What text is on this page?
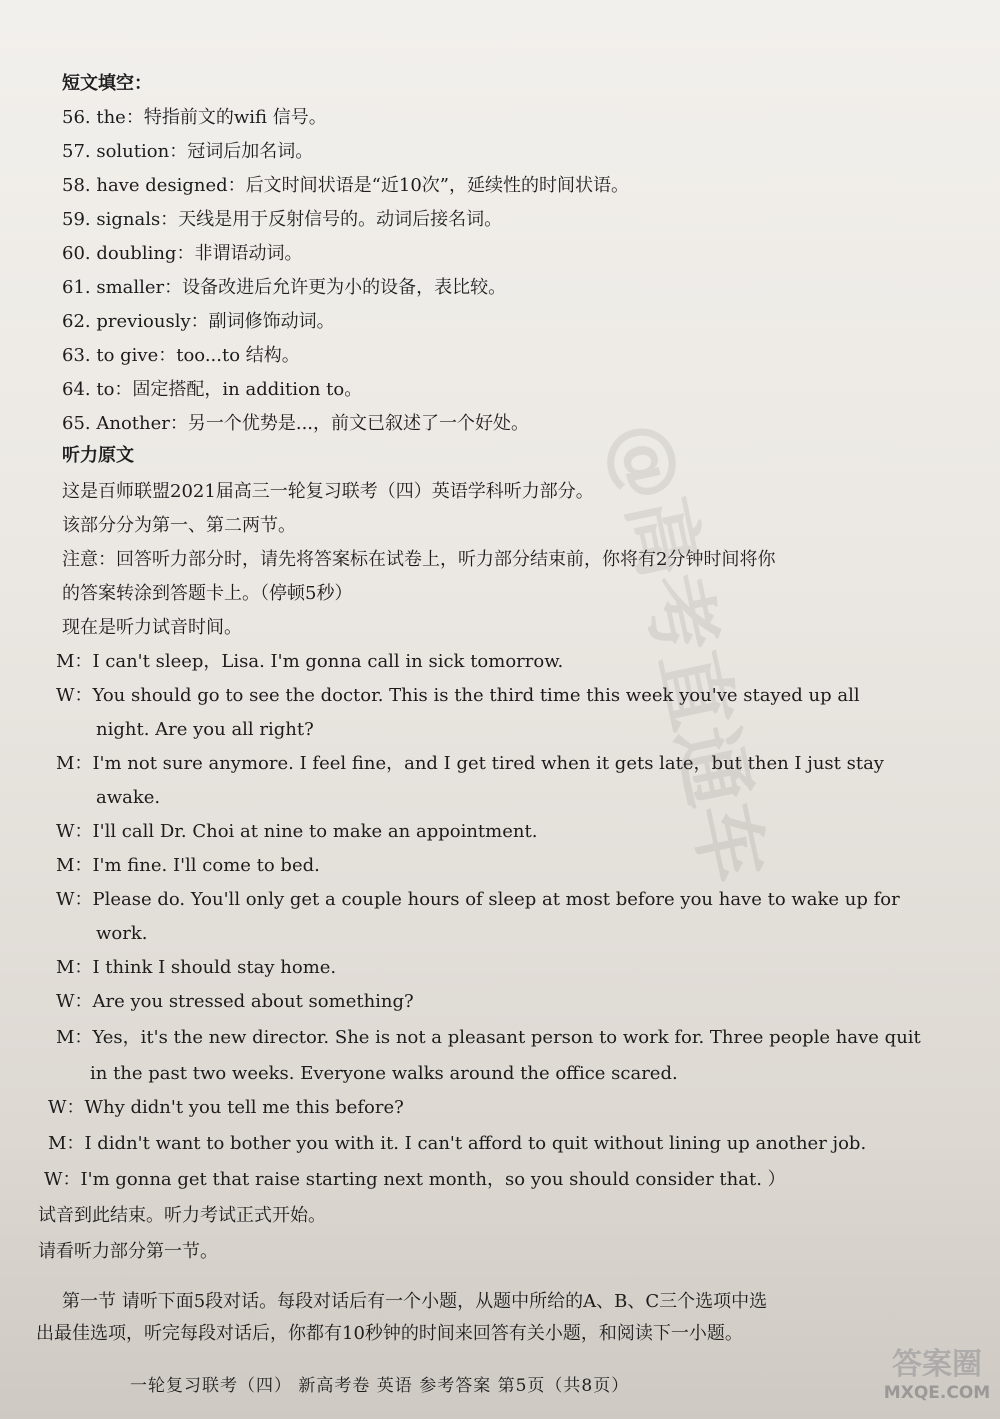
短文填空：
56. the：特指前文的wifi 信号。
57. solution：冠词后加名词。
58. have designed：后文时间状语是“近10次”，延续性的时间状语。
59. signals：天线是用于反射信号的。动词后接名词。
60. doubling：非谓语动词。
61. smaller：设备改进后允许更为小的设备，表比较。
62. previously：副词修饰动词。
63. to give：too...to 结构。
64. to：固定搭配，in addition to。
65. Another：另一个优势是...，前文已叙述了一个好处。
听力原文
这是百师联盟2021届高三一轮复习联考（四）英语学科听力部分。
该部分分为第一、第二两节。
注意：回答听力部分时，请先将答案标在试卷上，听力部分结束前，你将有2分钟时间将你
的答案转涂到答题卡上。（停顿5秒）
现在是听力试音时间。
M： I can't sleep，Lisa. I'm gonna call in sick tomorrow.
W： You should go to see the doctor. This is the third time this week you've stayed up all
night. Are you all right?
M： I'm not sure anymore. I feel fine，and I get tired when it gets late，but then I just stay
awake.
W： I'll call Dr. Choi at nine to make an appointment.
M： I'm fine. I'll come to bed.
W： Please do. You'll only get a couple hours of sleep at most before you have to wake up for
work.
M： I think I should stay home.
W： Are you stressed about something?
M： Yes，it's the new director. She is not a pleasant person to work for. Three people have quit
in the past two weeks. Everyone walks around the office scared.
W： Why didn't you tell me this before?
M： I didn't want to bother you with it. I can't afford to quit without lining up another job.
W： I'm gonna get that raise starting next month，so you should consider that. ）
试音到此结束。听力考试正式开始。
请看听力部分第一节。
第一节 请听下面5段对话。每段对话后有一个小题，从题中所给的A、B、C三个选项中选
出最佳选项，听完每段对话后，你都有10秒钟的时间来回答有关小题，和阅读下一小题。
一轮复习联考（四） 新高考卷 英语 参考答案 第5页（共8页）
@高考直通车
答案圈
MXQE.COM
